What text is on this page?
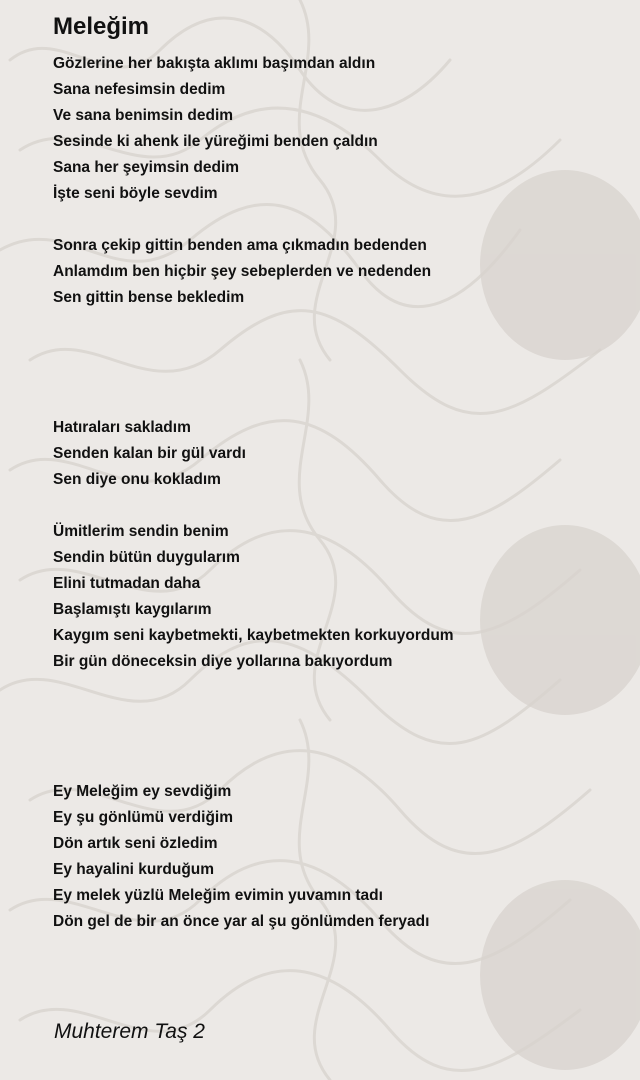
Meleğim
Gözlerine her bakışta aklımı başımdan aldın
Sana nefesimsin dedim
Ve sana benimsin dedim
Sesinde ki ahenk ile yüreğimi benden çaldın
Sana her şeyimsin dedim
İşte seni böyle sevdim
Sonra çekip gittin benden ama çıkmadın bedenden
Anlamdım ben hiçbir şey sebeplerden ve nedenden
Sen gittin bense bekledim
Hatıraları sakladım
Senden kalan bir gül vardı
Sen diye onu kokladım
Ümitlerim sendin benim
Sendin bütün duygularım
Elini tutmadan daha
Başlamıştı kaygılarım
Kaygım seni kaybetmekti, kaybetmekten korkuyordum
Bir gün döneceksin diye yollarına bakıyordum
Ey Meleğim ey sevdiğim
Ey şu gönlümü verdiğim
Dön artık seni özledim
Ey hayalini kurduğum
Ey melek yüzlü Meleğim evimin yuvamın tadı
Dön gel de bir an önce yar al şu gönlümden feryadı
Muhterem Taş 2
